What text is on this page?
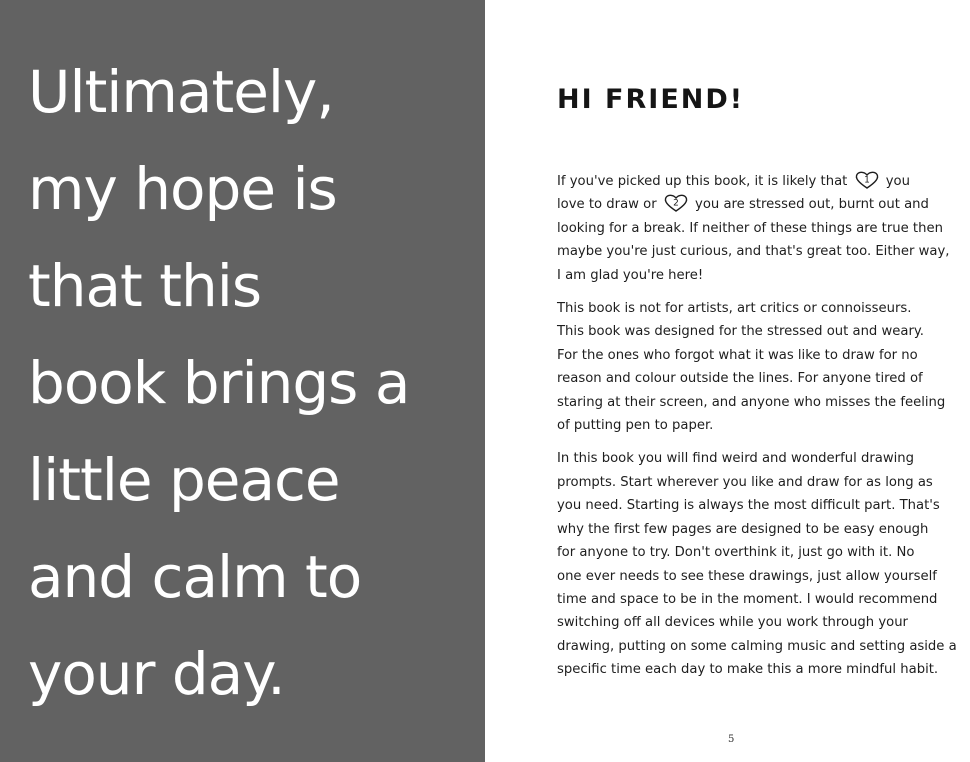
Ultimately,
my hope is
that this
book brings a
little peace
and calm to
your day.
HI FRIEND!

If you've picked up this book, it is likely that 1 you
love to draw or 2 you are stressed out, burnt out and
looking for a break. If neither of these things are true then
maybe you're just curious, and that's great too. Either way,
I am glad you're here!

This book is not for artists, art critics or connoisseurs.
This book was designed for the stressed out and weary.
For the ones who forgot what it was like to draw for no
reason and colour outside the lines. For anyone tired of
staring at their screen, and anyone who misses the feeling
of putting pen to paper.

In this book you will find weird and wonderful drawing
prompts. Start wherever you like and draw for as long as
you need. Starting is always the most difficult part. That's
why the first few pages are designed to be easy enough
for anyone to try. Don't overthink it, just go with it. No
one ever needs to see these drawings, just allow yourself
time and space to be in the moment. I would recommend
switching off all devices while you work through your
drawing, putting on some calming music and setting aside a
specific time each day to make this a more mindful habit.

5
